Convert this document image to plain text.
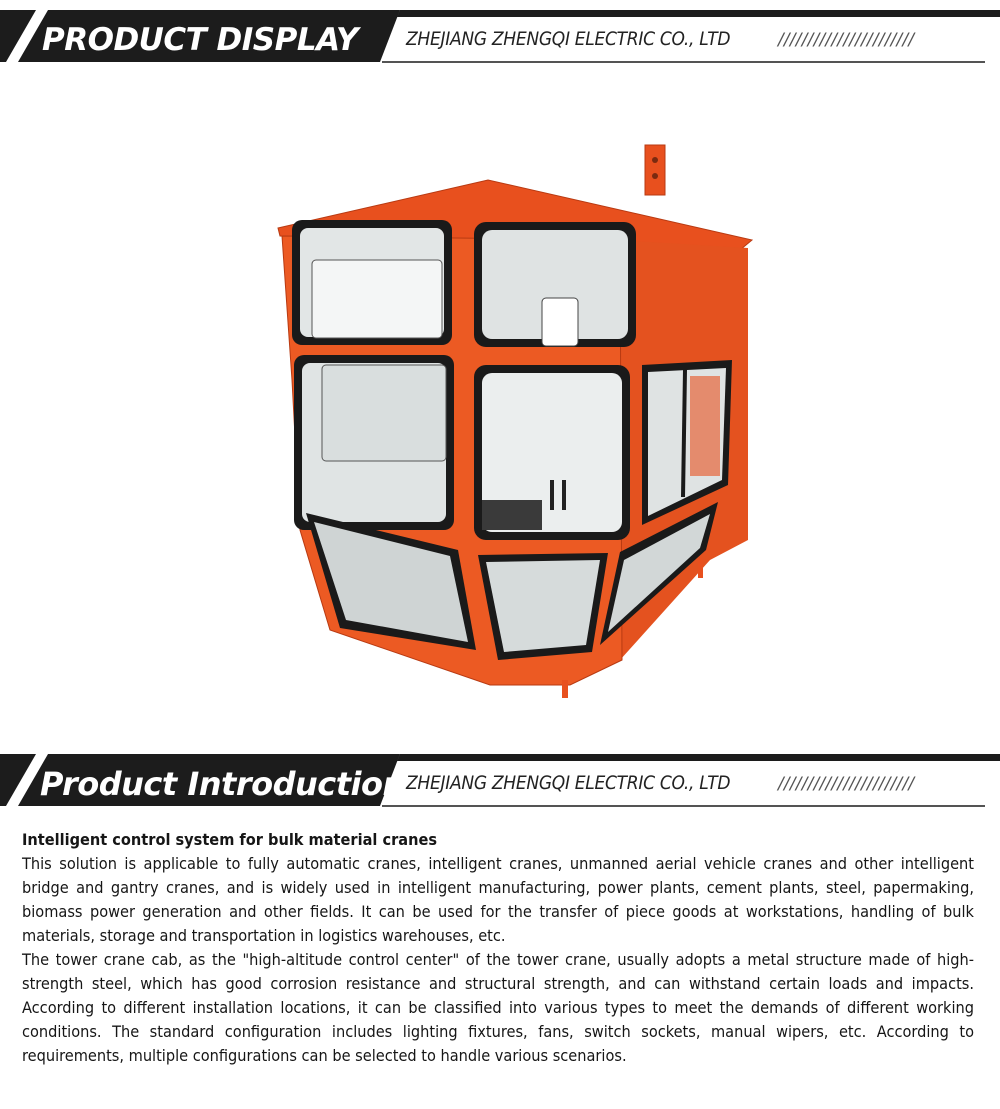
PRODUCT DISPLAY	ZHEJIANG ZHENGQI ELECTRIC CO., LTD	///////////////////////
Product Introduction ZHEJIANG ZHENGQI ELECTRIC CO., LTD	///////////////////////
Intelligent control system for bulk material cranes

This solution is applicable to fully automatic cranes, intelligent cranes, unmanned aerial vehicle cranes and other intelligent bridge and gantry cranes, and is widely used in intelligent manufacturing, power plants, cement plants, steel, papermaking, biomass power generation and other fields. It can be used for the transfer of piece goods at workstations, handling of bulk materials, storage and transportation in logistics warehouses, etc.

The tower crane cab, as the "high-altitude control center" of the tower crane, usually adopts a metal structure made of high-strength steel, which has good corrosion resistance and structural strength, and can withstand certain loads and impacts. According to different installation locations, it can be classified into various types to meet the demands of different working conditions. The standard configuration includes lighting fixtures, fans, switch sockets, manual wipers, etc. According to requirements, multiple configurations can be selected to handle various scenarios.
